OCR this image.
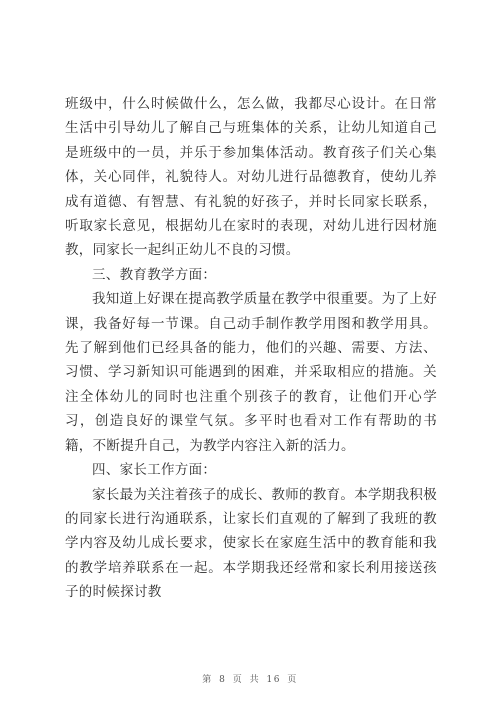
班级中，什么时候做什么，怎么做，我都尽心设计。在日常生活中引导幼儿了解自己与班集体的关系，让幼儿知道自己是班级中的一员，并乐于参加集体活动。教育孩子们关心集体，关心同伴，礼貌待人。对幼儿进行品德教育，使幼儿养成有道德、有智慧、有礼貌的好孩子，并时长同家长联系，听取家长意见，根据幼儿在家时的表现，对幼儿进行因材施教，同家长一起纠正幼儿不良的习惯。

三、教育教学方面：

我知道上好课在提高教学质量在教学中很重要。为了上好课，我备好每一节课。自己动手制作教学用图和教学用具。先了解到他们已经具备的能力，他们的兴趣、需要、方法、习惯、学习新知识可能遇到的困难，并采取相应的措施。关注全体幼儿的同时也注重个别孩子的教育，让他们开心学习，创造良好的课堂气氛。多平时也看对工作有帮助的书籍，不断提升自己，为教学内容注入新的活力。

四、家长工作方面：

家长最为关注着孩子的成长、教师的教育。本学期我积极的同家长进行沟通联系，让家长们直观的了解到了我班的教学内容及幼儿成长要求，使家长在家庭生活中的教育能和我的教学培养联系在一起。本学期我还经常和家长利用接送孩子的时候探讨教

第 8 页 共 16 页
